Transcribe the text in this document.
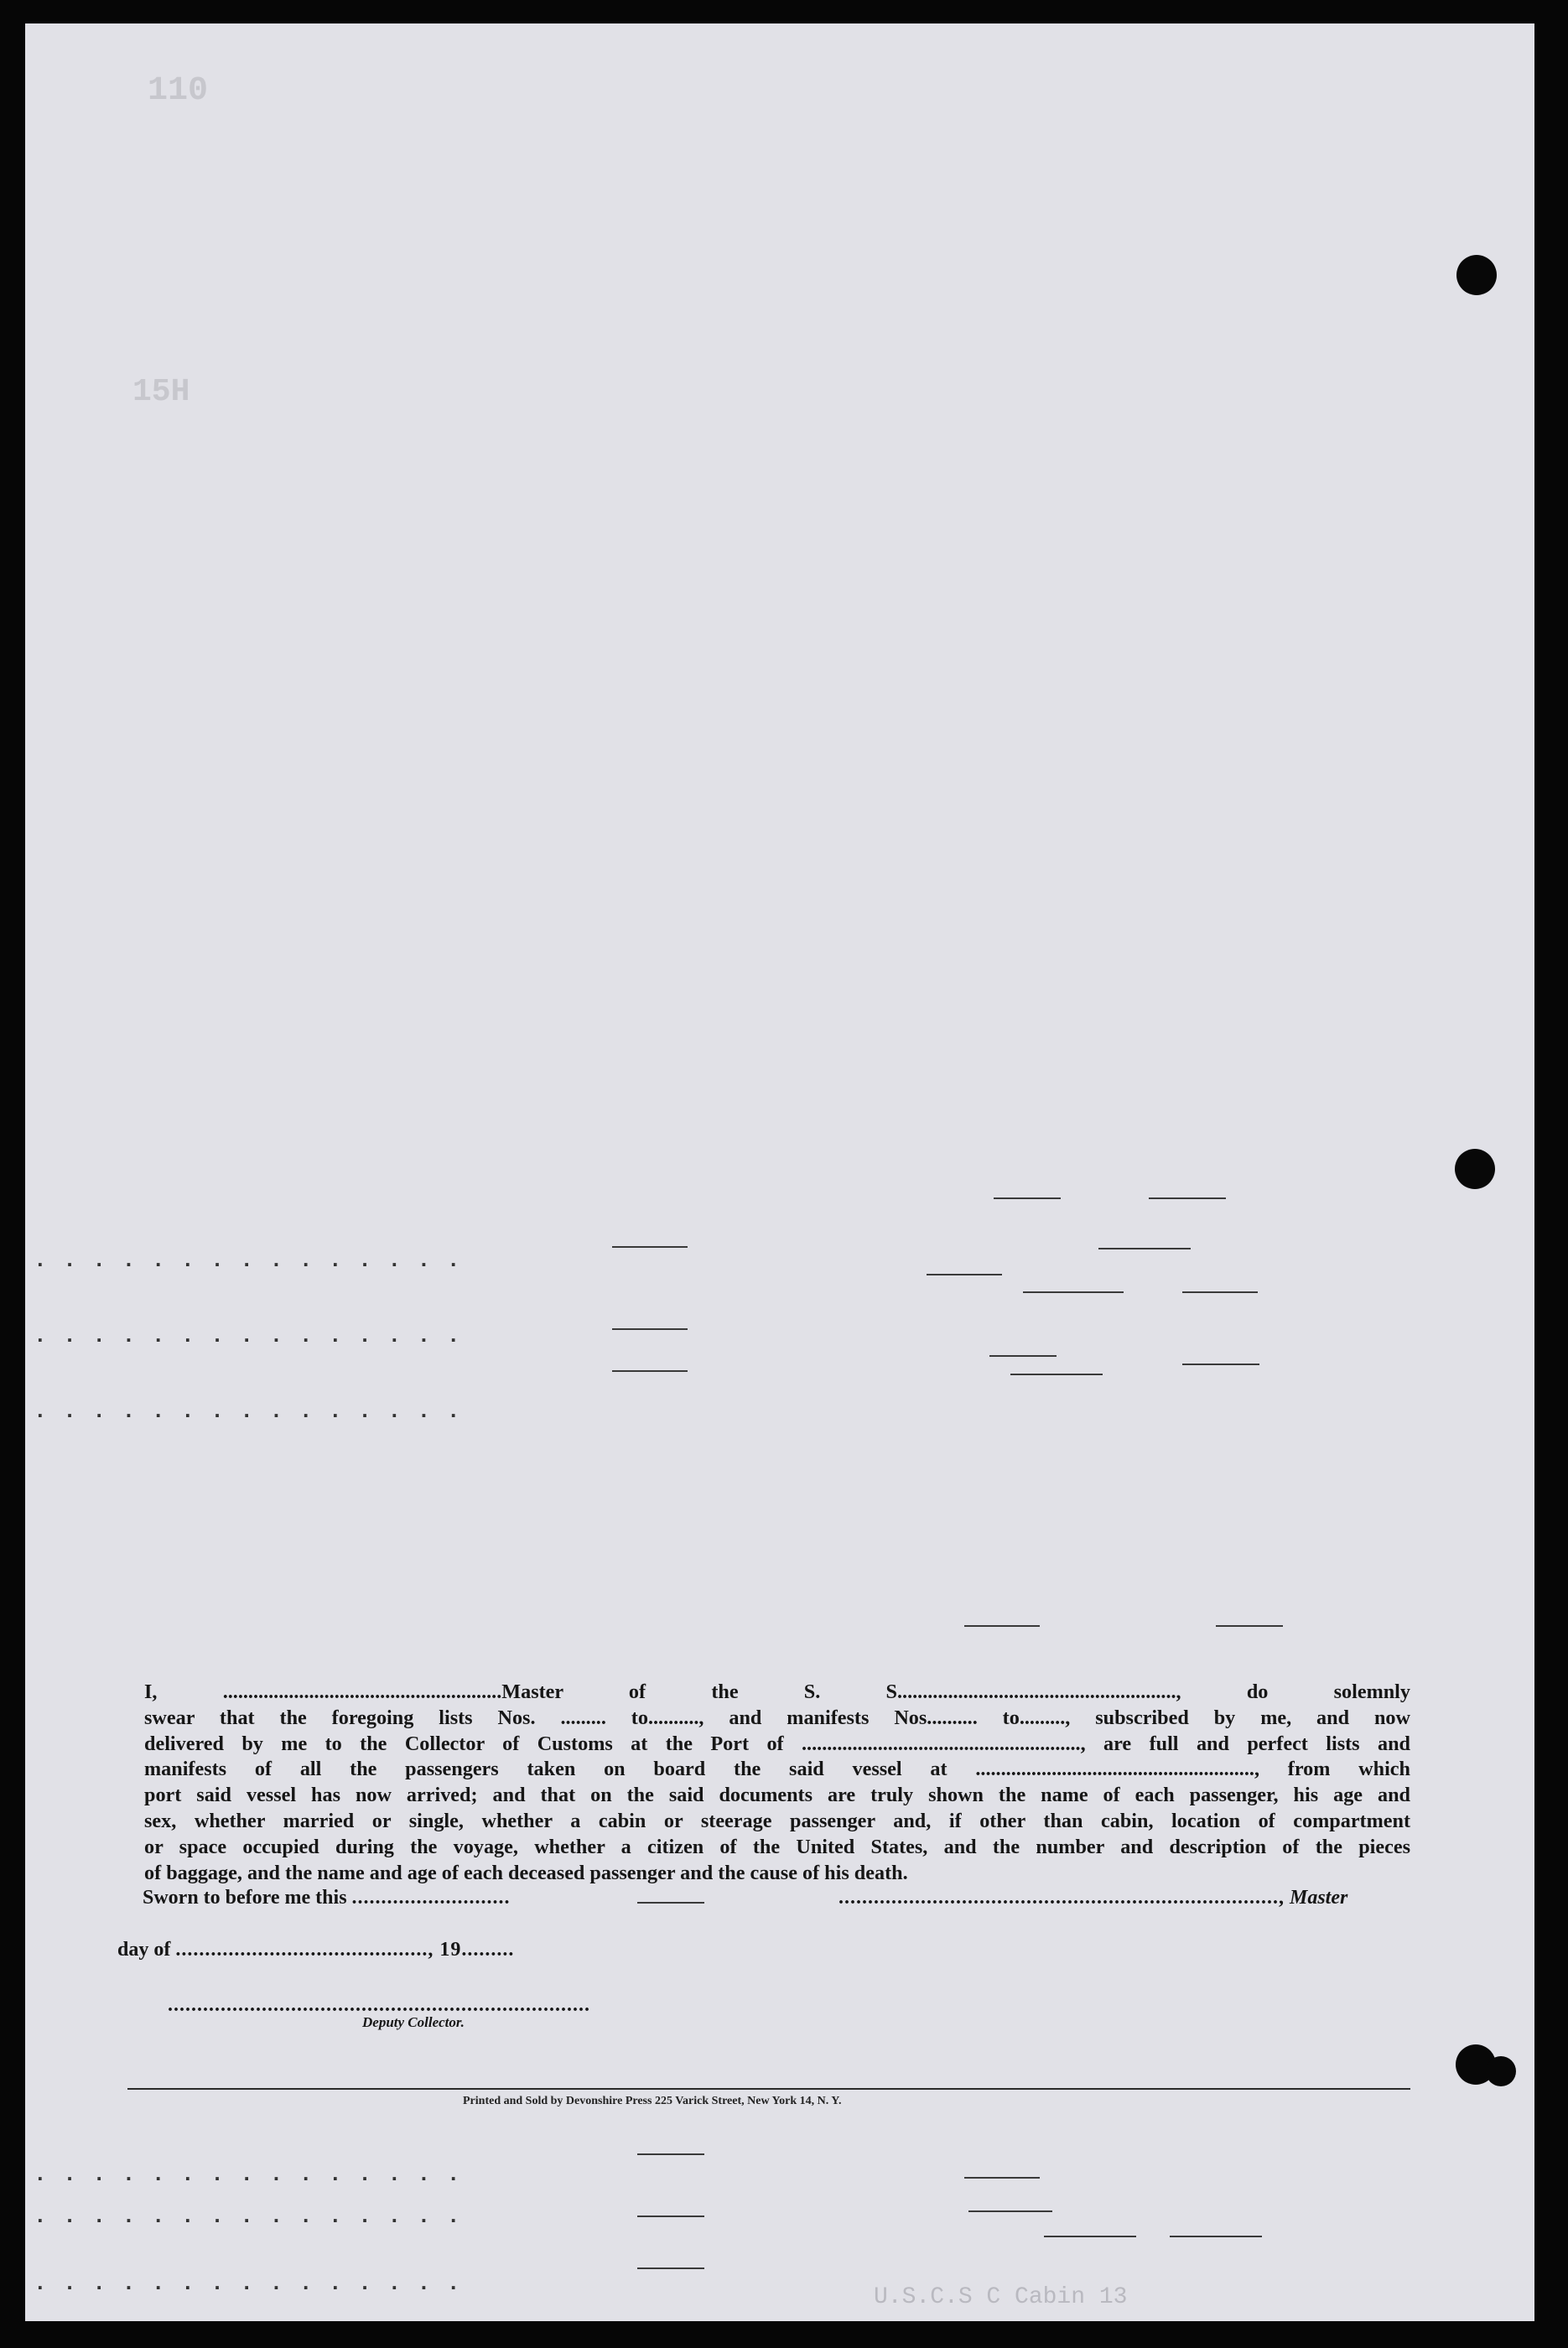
110
15H
U.S.C.S C Cabin 13
. . . . . . . . . . . . . . .
. . . . . . . . . . . . . . .
. . . . . . . . . . . . . . .
. . . . . . . . . . . . . . .
. . . . . . . . . . . . . . .
. . . . . . . . . . . . . . .

I, .......................................................Master of the S. S......................................................., do solemnly

swear that the foregoing lists Nos. ......... to.........., and manifests Nos.......... to........., subscribed by me, and now

delivered by me to the Collector of Customs at the Port of ......................................................., are full and perfect lists and

manifests of all the passengers taken on board the said vessel at ......................................................., from which

port said vessel has now arrived; and that on the said documents are truly shown the name of each passenger, his age and

sex, whether married or single, whether a cabin or steerage passenger and, if other than cabin, location of compartment

or space occupied during the voyage, whether a citizen of the United States, and the number and description of the pieces

of baggage, and the name and age of each deceased passenger and the cause of his death.

Sworn to before me this ...........................	..........................................................................., Master
day of ..........................................., 19.........
........................................................................
Deputy Collector.
Printed and Sold by Devonshire Press 225 Varick Street, New York 14, N. Y.
